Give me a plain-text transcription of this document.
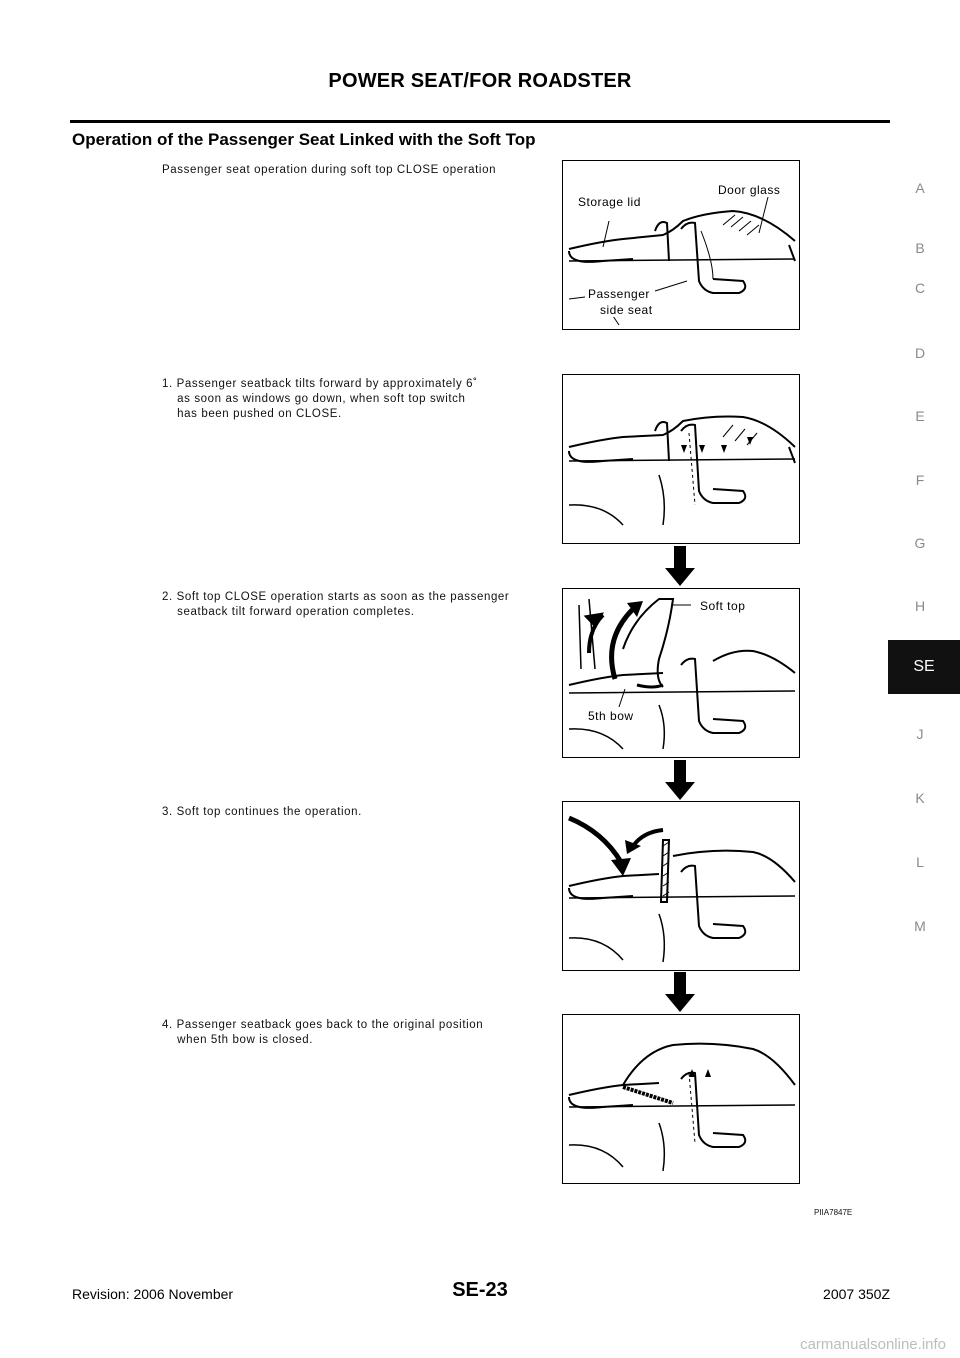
POWER SEAT/FOR ROADSTER
Operation of the Passenger Seat Linked with the Soft Top
A
B
C
D
E
F
G
H
SE
J
K
L
M
Passenger seat operation during soft top CLOSE operation
1. Passenger seatback tilts forward by approximately 6˚
as soon as windows go down, when soft top switch
has been pushed on CLOSE.
2. Soft top CLOSE operation starts as soon as the passenger
seatback tilt forward operation completes.
3. Soft top continues the operation.
4. Passenger seatback goes back to the original position
when 5th bow is closed.
Storage lid
Door glass
Passenger
side seat
Soft top
5th bow
PIIA7847E
Revision: 2006 November	SE-23	2007 350Z
carmanualsonline.info
